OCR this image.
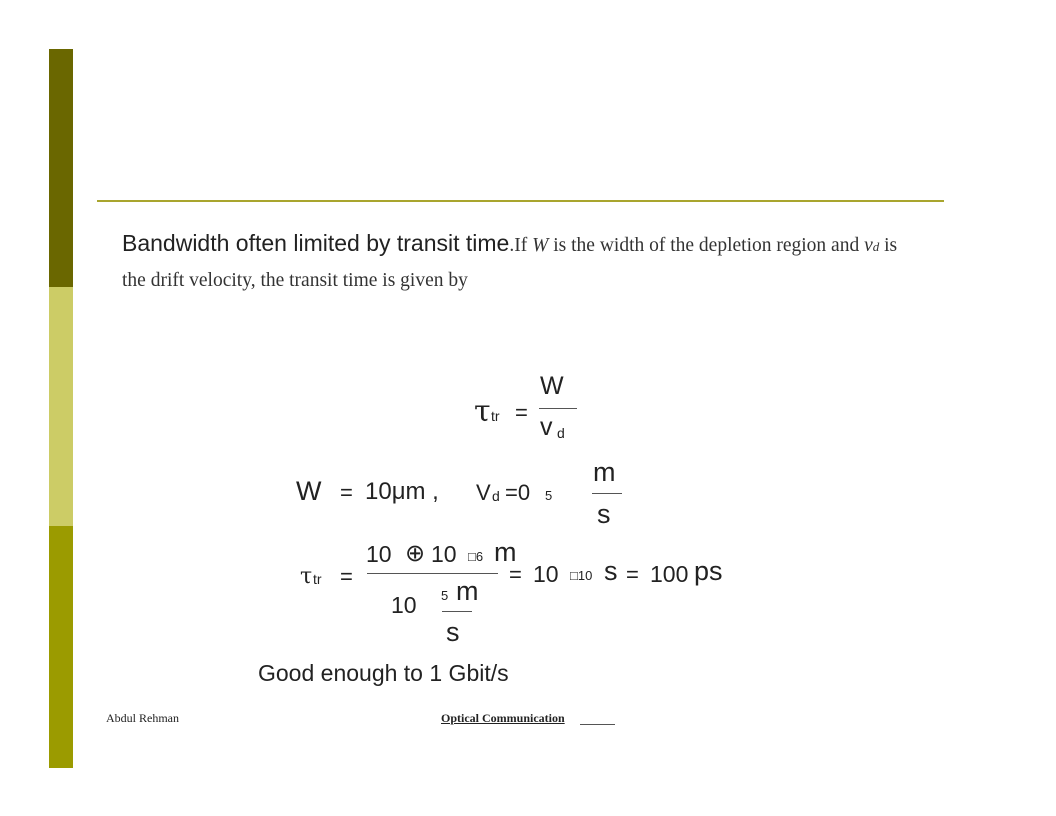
Bandwidth often limited by transit time.If W is the width of the depletion region and vd is the drift velocity, the transit time is given by
τ tr =
W
v d
W = 10μm , V d =0 5
m
s
τ tr =
10 ⊕ 10 □6 m
10 5 m
s
= 10 □10 s = 100 ps
Good enough to 1 Gbit/s
Abdul Rehman	Optical Communication
